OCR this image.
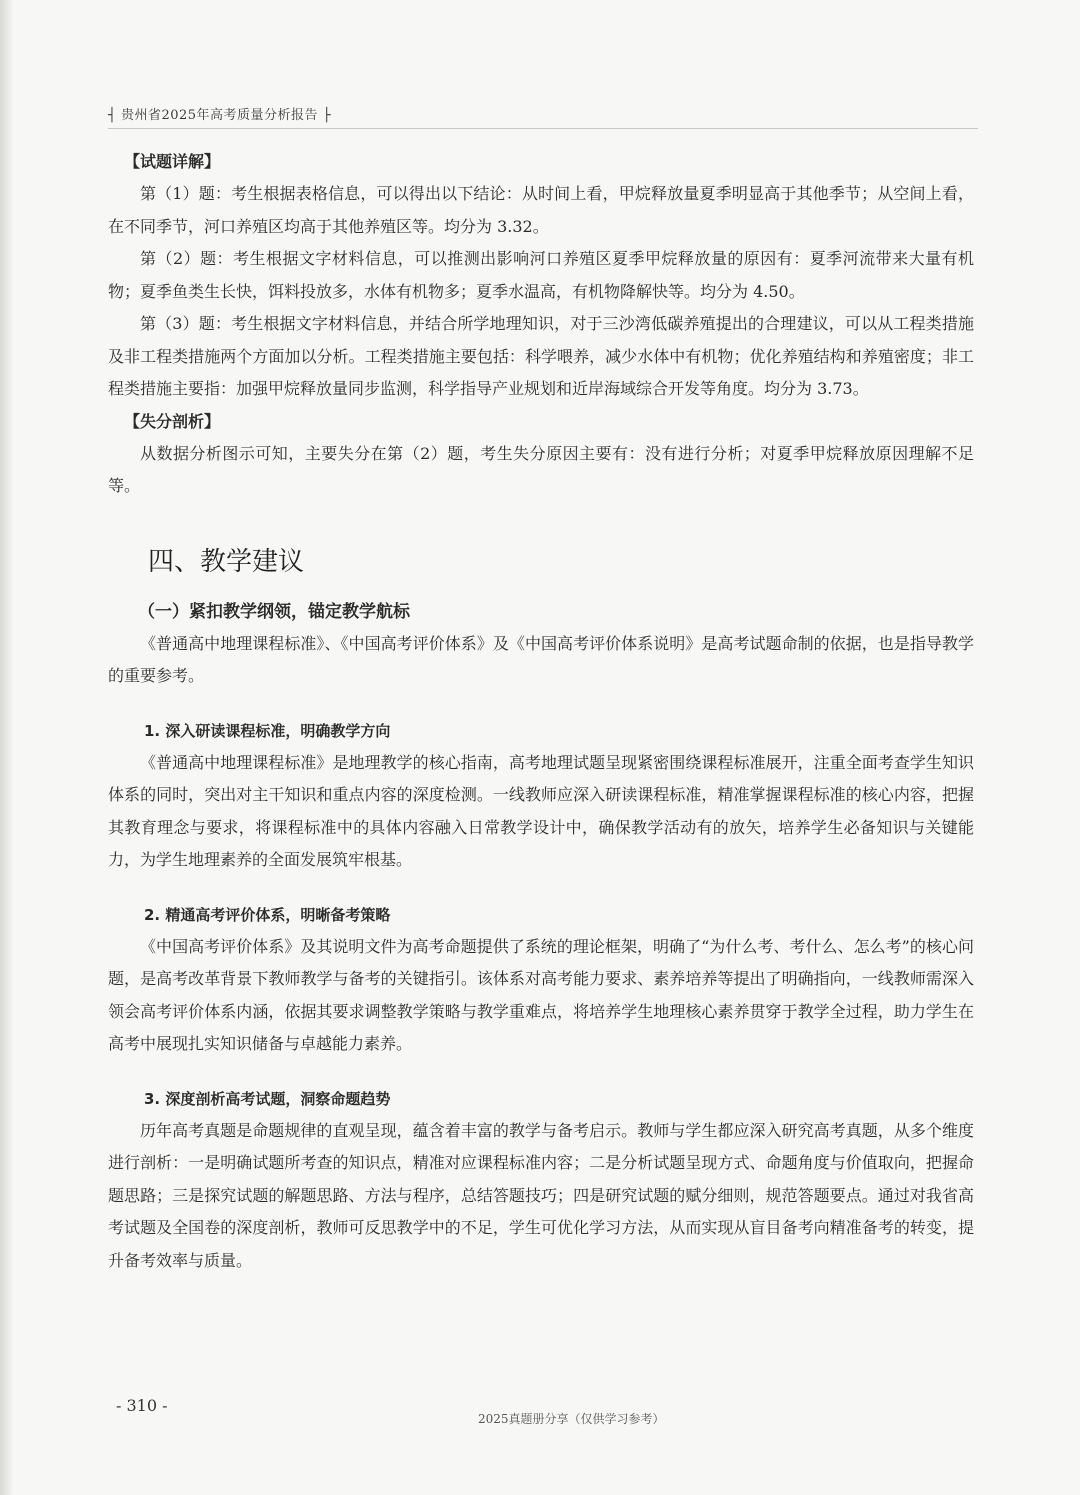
┤ 贵州省2025年高考质量分析报告 ├
【试题详解】

第（1）题：考生根据表格信息，可以得出以下结论：从时间上看，甲烷释放量夏季明显高于其他季节；从空间上看，在不同季节，河口养殖区均高于其他养殖区等。均分为 3.32。

第（2）题：考生根据文字材料信息，可以推测出影响河口养殖区夏季甲烷释放量的原因有：夏季河流带来大量有机物；夏季鱼类生长快，饵料投放多，水体有机物多；夏季水温高，有机物降解快等。均分为 4.50。

第（3）题：考生根据文字材料信息，并结合所学地理知识，对于三沙湾低碳养殖提出的合理建议，可以从工程类措施及非工程类措施两个方面加以分析。工程类措施主要包括：科学喂养，减少水体中有机物；优化养殖结构和养殖密度；非工程类措施主要指：加强甲烷释放量同步监测，科学指导产业规划和近岸海域综合开发等角度。均分为 3.73。

【失分剖析】

从数据分析图示可知，主要失分在第（2）题，考生失分原因主要有：没有进行分析；对夏季甲烷释放原因理解不足等。

四、教学建议
（一）紧扣教学纲领，锚定教学航标

《普通高中地理课程标准》、《中国高考评价体系》及《中国高考评价体系说明》是高考试题命制的依据，也是指导教学的重要参考。

1. 深入研读课程标准，明确教学方向

《普通高中地理课程标准》是地理教学的核心指南，高考地理试题呈现紧密围绕课程标准展开，注重全面考查学生知识体系的同时，突出对主干知识和重点内容的深度检测。一线教师应深入研读课程标准，精准掌握课程标准的核心内容，把握其教育理念与要求，将课程标准中的具体内容融入日常教学设计中，确保教学活动有的放矢，培养学生必备知识与关键能力，为学生地理素养的全面发展筑牢根基。

2. 精通高考评价体系，明晰备考策略

《中国高考评价体系》及其说明文件为高考命题提供了系统的理论框架，明确了“为什么考、考什么、怎么考”的核心问题，是高考改革背景下教师教学与备考的关键指引。该体系对高考能力要求、素养培养等提出了明确指向，一线教师需深入领会高考评价体系内涵，依据其要求调整教学策略与教学重难点，将培养学生地理核心素养贯穿于教学全过程，助力学生在高考中展现扎实知识储备与卓越能力素养。

3. 深度剖析高考试题，洞察命题趋势

历年高考真题是命题规律的直观呈现，蕴含着丰富的教学与备考启示。教师与学生都应深入研究高考真题，从多个维度进行剖析：一是明确试题所考查的知识点，精准对应课程标准内容；二是分析试题呈现方式、命题角度与价值取向，把握命题思路；三是探究试题的解题思路、方法与程序，总结答题技巧；四是研究试题的赋分细则，规范答题要点。通过对我省高考试题及全国卷的深度剖析，教师可反思教学中的不足，学生可优化学习方法，从而实现从盲目备考向精准备考的转变，提升备考效率与质量。

- 310 -
2025真题册分享（仅供学习参考）
